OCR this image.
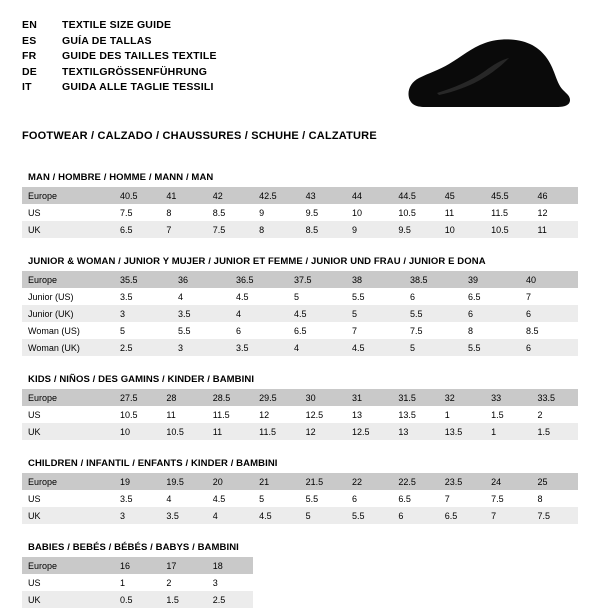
EN	TEXTILE SIZE GUIDE
ES	GUÍA DE TALLAS
FR	GUIDE DES TAILLES TEXTILE
DE	TEXTILGRÖSSENFÜHRUNG
IT	GUIDA ALLE TAGLIE TESSILI
FOOTWEAR / CALZADO / CHAUSSURES / SCHUHE / CALZATURE
MAN / HOMBRE / HOMME / MANN / MAN
Europe	40.5	41	42	42.5	43	44	44.5	45	45.5	46
US	7.5	8	8.5	9	9.5	10	10.5	11	11.5	12
UK	6.5	7	7.5	8	8.5	9	9.5	10	10.5	11
JUNIOR & WOMAN / JUNIOR Y MUJER / JUNIOR ET FEMME / JUNIOR UND FRAU / JUNIOR E DONA
Europe	35.5	36	36.5	37.5	38	38.5	39	40
Junior (US)	3.5	4	4.5	5	5.5	6	6.5	7
Junior (UK)	3	3.5	4	4.5	5	5.5	6	6
Woman (US)	5	5.5	6	6.5	7	7.5	8	8.5
Woman (UK)	2.5	3	3.5	4	4.5	5	5.5	6
KIDS / NIÑOS / DES GAMINS / KINDER / BAMBINI
Europe	27.5	28	28.5	29.5	30	31	31.5	32	33	33.5
US	10.5	11	11.5	12	12.5	13	13.5	1	1.5	2
UK	10	10.5	11	11.5	12	12.5	13	13.5	1	1.5
CHILDREN / INFANTIL / ENFANTS / KINDER / BAMBINI
Europe	19	19.5	20	21	21.5	22	22.5	23.5	24	25
US	3.5	4	4.5	5	5.5	6	6.5	7	7.5	8
UK	3	3.5	4	4.5	5	5.5	6	6.5	7	7.5
BABIES / BEBÉS / BÉBÉS / BABYS / BAMBINI
Europe	16	17	18							
US	1	2	3							
UK	0.5	1.5	2.5							
